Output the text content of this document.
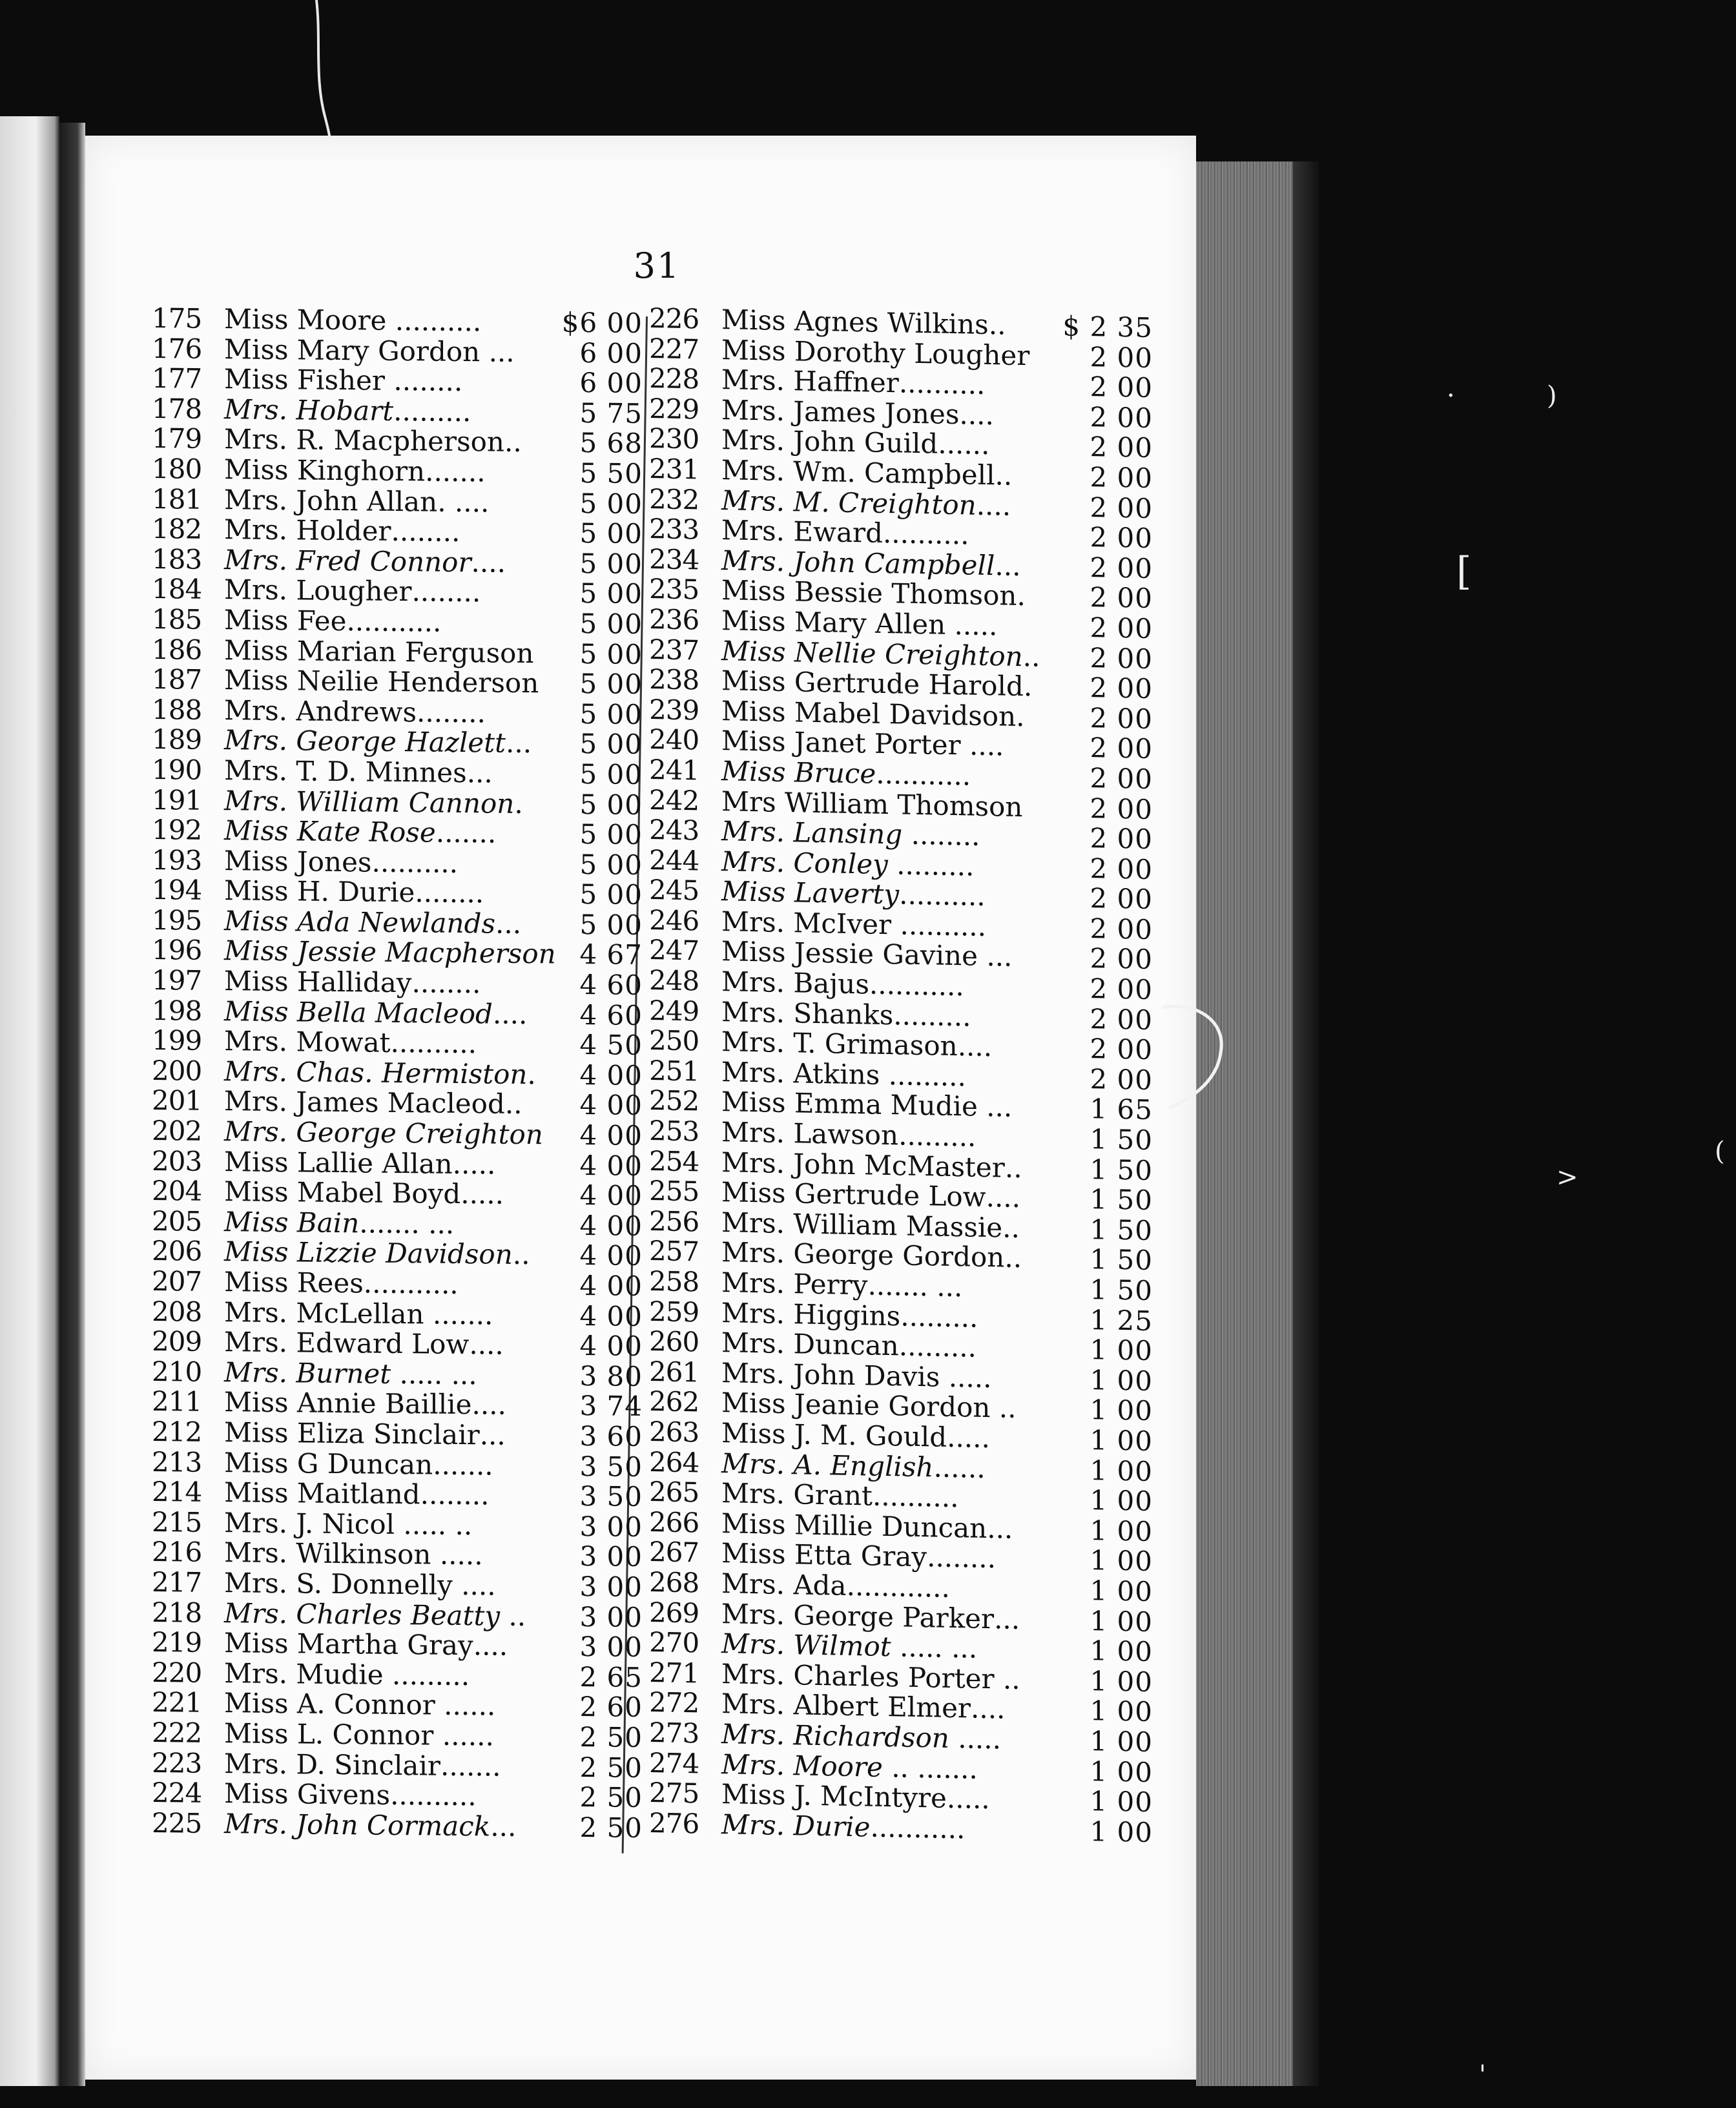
31
175 Miss Moore ..........	$6 00
176 Miss Mary Gordon ... 6 00
177 Miss Fisher ........	6 00
178 Mrs. Hobart.........	5 75
179 Mrs. R. Macpherson.. 5 68
180 Miss Kinghorn.......	5 50
181 Mrs. John Allan. ....	5 00
182 Mrs. Holder........	5 00
183 Mrs. Fred Connor....	5 00
184 Mrs. Lougher........	5 00
185 Miss Fee...........	5 00
186 Miss Marian Ferguson 5 00
187 Miss Neilie Henderson 5 00
188 Mrs. Andrews........	5 00
189 Mrs. George Hazlett... 5 00
190 Mrs. T. D. Minnes...	5 00
191 Mrs. William Cannon. 5 00
192 Miss Kate Rose.......	5 00
193 Miss Jones..........	5 00
194 Miss H. Durie........	5 00
195 Miss Ada Newlands... 5 00
196 Miss Jessie Macpherson 4 67
197 Miss Halliday........	4 60
198 Miss Bella Macleod.... 4 60
199 Mrs. Mowat..........	4 50
200 Mrs. Chas. Hermiston. 4 00
201 Mrs. James Macleod.. 4 00
202 Mrs. George Creighton 4 00
203 Miss Lallie Allan.....	4 00
204 Miss Mabel Boyd.....	4 00
205 Miss Bain....... ...	4 00
206 Miss Lizzie Davidson.. 4 00
207 Miss Rees...........	4 00
208 Mrs. McLellan .......	4 00
209 Mrs. Edward Low....	4 00
210 Mrs. Burnet ..... ...	3 80
211 Miss Annie Baillie....	3 74
212 Miss Eliza Sinclair...	3 60
213 Miss G Duncan.......	3 50
214 Miss Maitland........	3 50
215 Mrs. J. Nicol ..... ..	3 00
216 Mrs. Wilkinson .....	3 00
217 Mrs. S. Donnelly ....	3 00
218 Mrs. Charles Beatty .. 3 00
219 Miss Martha Gray....	3 00
220 Mrs. Mudie .........	2 65
221 Miss A. Connor ......	2 60
222 Miss L. Connor ......	2 50
223 Mrs. D. Sinclair.......	2 50
224 Miss Givens..........	2 50
225 Mrs. John Cormack... 2 50
226 Miss Agnes Wilkins.. $ 2 35
227 Miss Dorothy Lougher 2 00
228 Mrs. Haffner..........	2 00
229 Mrs. James Jones....	2 00
230 Mrs. John Guild......	2 00
231 Mrs. Wm. Campbell..	2 00
232 Mrs. M. Creighton....	2 00
233 Mrs. Eward..........	2 00
234 Mrs. John Campbell...	2 00
235 Miss Bessie Thomson. 2 00
236 Miss Mary Allen .....	2 00
237 Miss Nellie Creighton.. 2 00
238 Miss Gertrude Harold. 2 00
239 Miss Mabel Davidson. 2 00
240 Miss Janet Porter ....	2 00
241 Miss Bruce...........	2 00
242 Mrs William Thomson 2 00
243 Mrs. Lansing ........	2 00
244 Mrs. Conley .........	2 00
245 Miss Laverty..........	2 00
246 Mrs. McIver ..........	2 00
247 Miss Jessie Gavine ...	2 00
248 Mrs. Bajus...........	2 00
249 Mrs. Shanks.........	2 00
250 Mrs. T. Grimason....	2 00
251 Mrs. Atkins .........	2 00
252 Miss Emma Mudie ...	1 65
253 Mrs. Lawson.........	1 50
254 Mrs. John McMaster.. 1 50
255 Miss Gertrude Low....	1 50
256 Mrs. William Massie..	1 50
257 Mrs. George Gordon..	1 50
258 Mrs. Perry....... ...	1 50
259 Mrs. Higgins.........	1 25
260 Mrs. Duncan.........	1 00
261 Mrs. John Davis .....	1 00
262 Miss Jeanie Gordon ..	1 00
263 Miss J. M. Gould.....	1 00
264 Mrs. A. English......	1 00
265 Mrs. Grant..........	1 00
266 Miss Millie Duncan...	1 00
267 Miss Etta Gray........	1 00
268 Mrs. Ada............	1 00
269 Mrs. George Parker...	1 00
270 Mrs. Wilmot ..... ...	1 00
271 Mrs. Charles Porter ..	1 00
272 Mrs. Albert Elmer....	1 00
273 Mrs. Richardson .....	1 00
274 Mrs. Moore .. .......	1 00
275 Miss J. McIntyre.....	1 00
276 Mrs. Durie...........	1 00
·	)
[
>
(
'
